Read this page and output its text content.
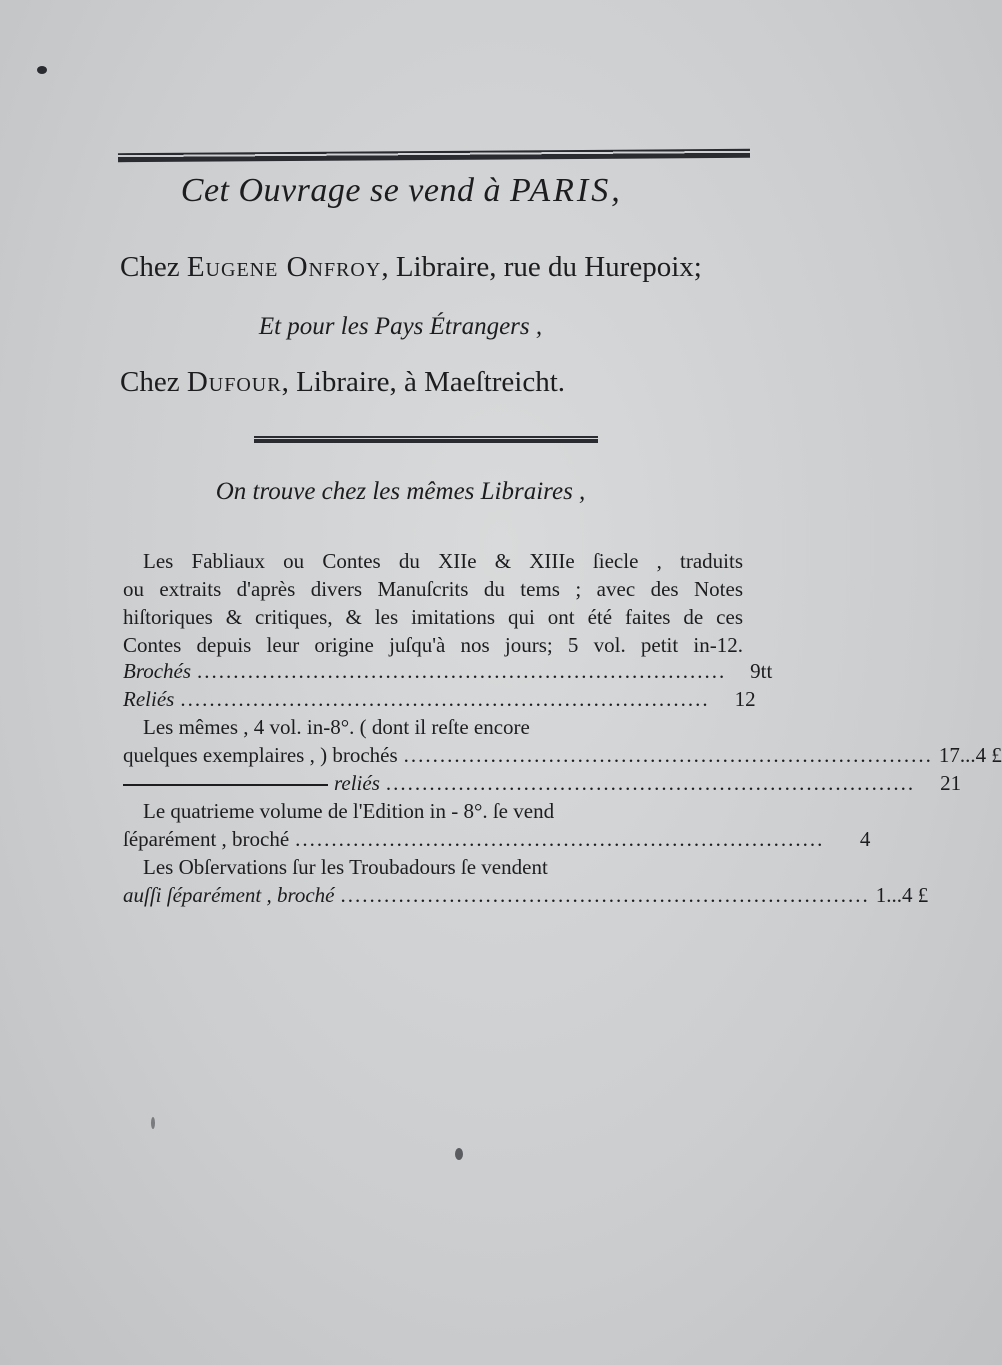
Cet Ouvrage se vend à PARIS,
Chez Eugene Onfroy, Libraire, rue du Hurepoix;
Et pour les Pays Étrangers ,
Chez Dufour, Libraire, à Maeſtreicht.
On trouve chez les mêmes Libraires ,
Les Fabliaux ou Contes du XIIe & XIIIe ſiecle , traduits
ou extraits d'après divers Manuſcrits du tems ; avec des Notes
hiſtoriques & critiques, & les imitations qui ont été faites de ces
Contes depuis leur origine juſqu'à nos jours; 5 vol. petit in-12.
Brochés .........................................................................	9tt
Reliés .........................................................................	12
Les mêmes , 4 vol. in-8°. ( dont il reſte encore
quelques exemplaires , ) brochés ......................................................................... 17...4 £
reliés .........................................................................	21
Le quatrieme volume de l'Edition in - 8°. ſe vend
ſéparément , broché .........................................................................	4
Les Obſervations ſur les Troubadours ſe vendent
auſſi ſéparément , broché ......................................................................... 1...4 £
